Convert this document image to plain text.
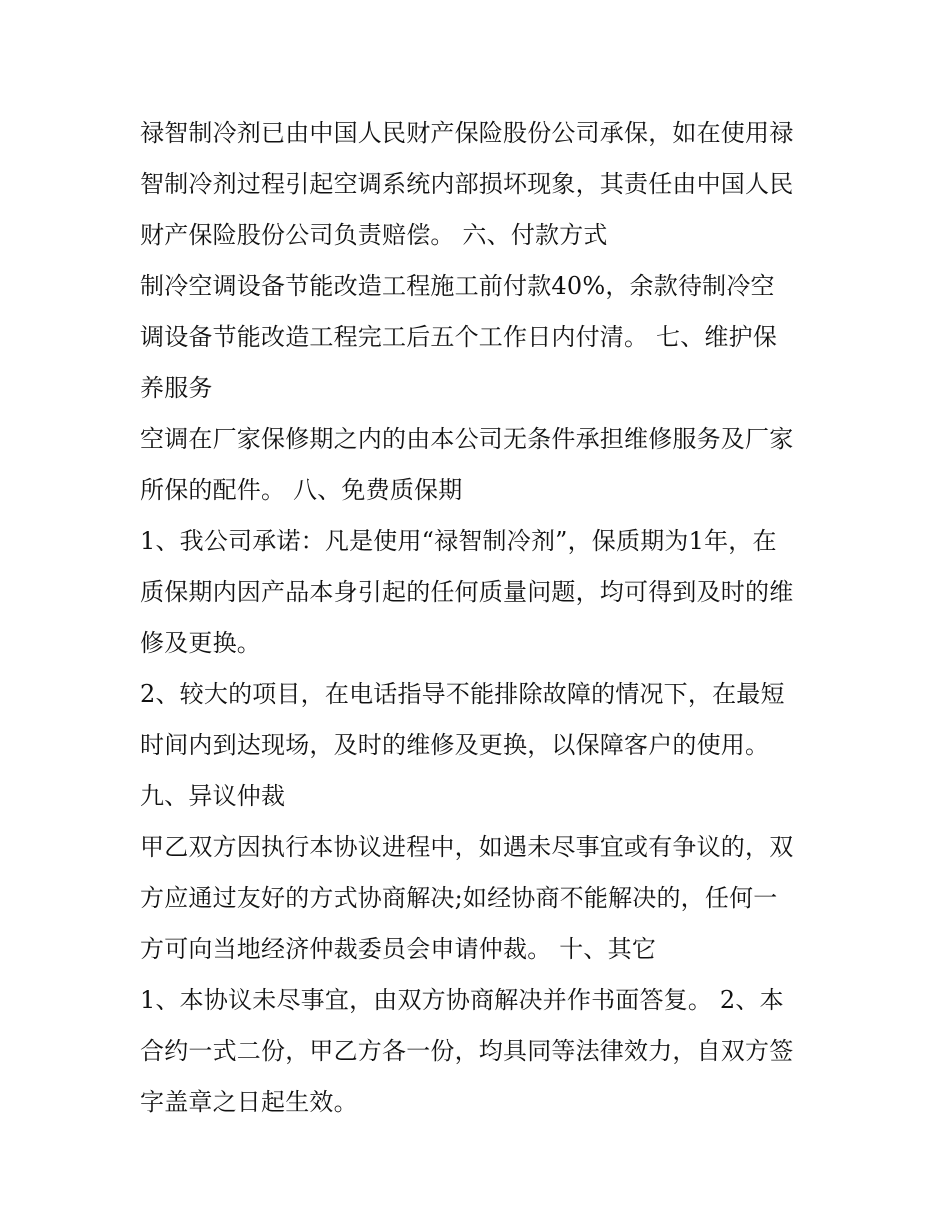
禄智制冷剂已由中国人民财产保险股份公司承保，如在使用禄
智制冷剂过程引起空调系统内部损坏现象，其责任由中国人民
财产保险股份公司负责赔偿。 六、付款方式
制冷空调设备节能改造工程施工前付款40%，余款待制冷空
调设备节能改造工程完工后五个工作日内付清。 七、维护保
养服务
空调在厂家保修期之内的由本公司无条件承担维修服务及厂家
所保的配件。 八、免费质保期
1、我公司承诺：凡是使用“禄智制冷剂”，保质期为1年，在
质保期内因产品本身引起的任何质量问题，均可得到及时的维
修及更换。
2、较大的项目，在电话指导不能排除故障的情况下，在最短
时间内到达现场，及时的维修及更换，以保障客户的使用。
九、异议仲裁
甲乙双方因执行本协议进程中，如遇未尽事宜或有争议的，双
方应通过友好的方式协商解决;如经协商不能解决的，任何一
方可向当地经济仲裁委员会申请仲裁。 十、其它
1、本协议未尽事宜，由双方协商解决并作书面答复。 2、本
合约一式二份，甲乙方各一份，均具同等法律效力，自双方签
字盖章之日起生效。
